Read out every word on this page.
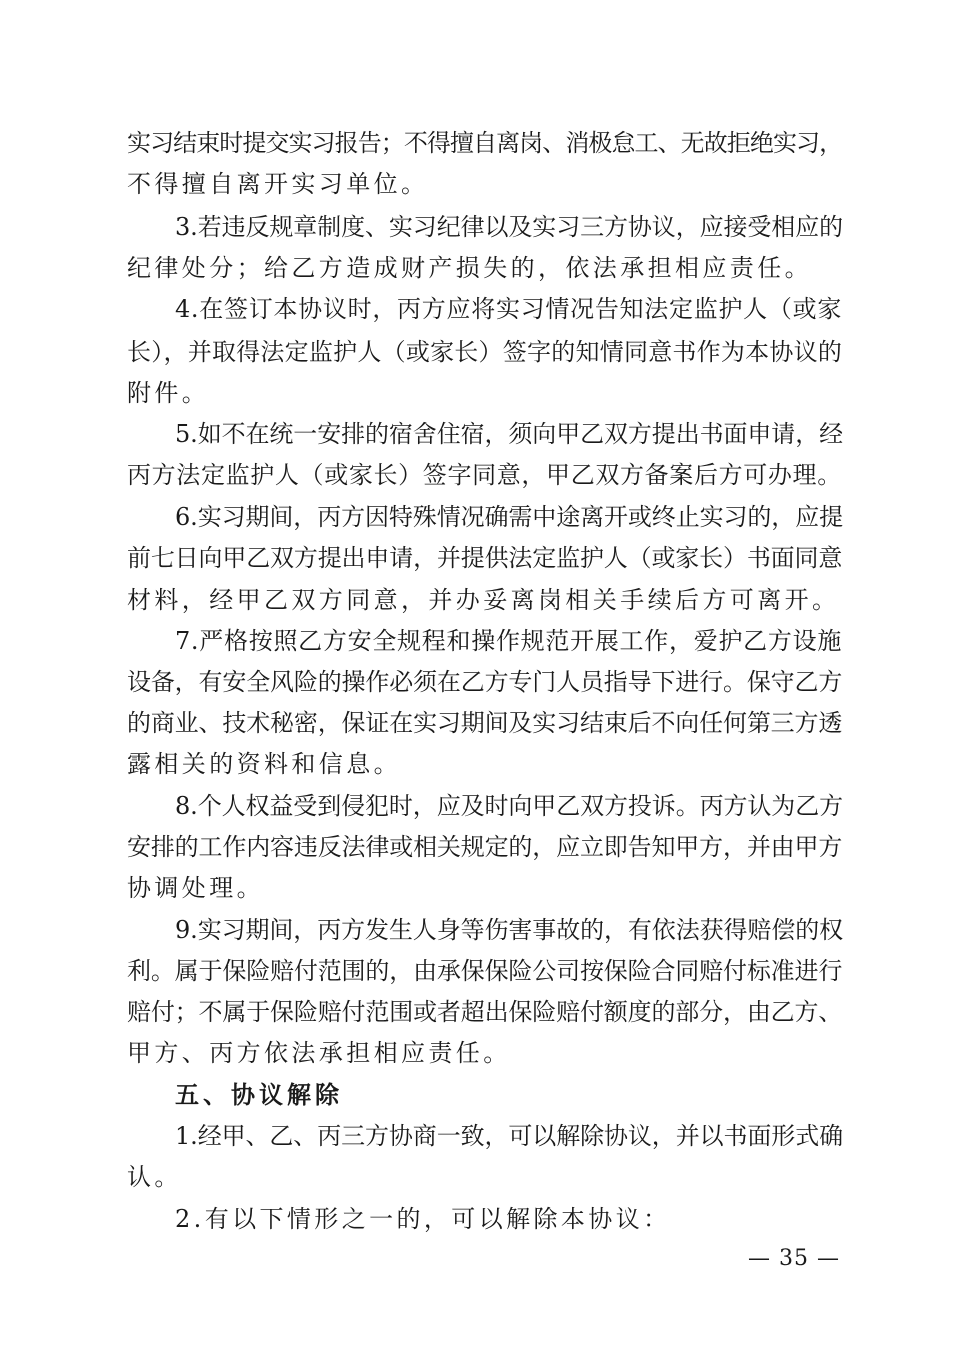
实习结束时提交实习报告；不得擅自离岗、消极怠工、无故拒绝实习，
不得擅自离开实习单位。
3.若违反规章制度、实习纪律以及实习三方协议，应接受相应的
纪律处分；给乙方造成财产损失的，依法承担相应责任。
4.在签订本协议时，丙方应将实习情况告知法定监护人（或家
长），并取得法定监护人（或家长）签字的知情同意书作为本协议的
附件。
5.如不在统一安排的宿舍住宿，须向甲乙双方提出书面申请，经
丙方法定监护人（或家长）签字同意，甲乙双方备案后方可办理。
6.实习期间，丙方因特殊情况确需中途离开或终止实习的，应提
前七日向甲乙双方提出申请，并提供法定监护人（或家长）书面同意
材料，经甲乙双方同意，并办妥离岗相关手续后方可离开。
7.严格按照乙方安全规程和操作规范开展工作，爱护乙方设施
设备，有安全风险的操作必须在乙方专门人员指导下进行。保守乙方
的商业、技术秘密，保证在实习期间及实习结束后不向任何第三方透
露相关的资料和信息。
8.个人权益受到侵犯时，应及时向甲乙双方投诉。丙方认为乙方
安排的工作内容违反法律或相关规定的，应立即告知甲方，并由甲方
协调处理。
9.实习期间，丙方发生人身等伤害事故的，有依法获得赔偿的权
利。属于保险赔付范围的，由承保保险公司按保险合同赔付标准进行
赔付；不属于保险赔付范围或者超出保险赔付额度的部分，由乙方、
甲方、丙方依法承担相应责任。
五、协议解除
1.经甲、乙、丙三方协商一致，可以解除协议，并以书面形式确
认。
2.有以下情形之一的，可以解除本协议：
— 35 —
